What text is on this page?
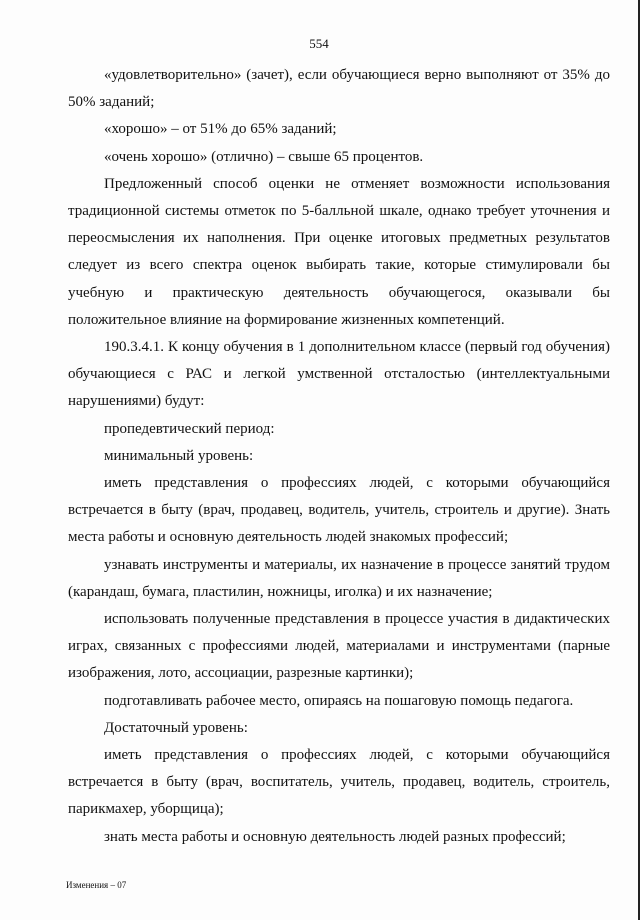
554

«удовлетворительно» (зачет), если обучающиеся верно выполняют от 35% до 50% заданий;

«хорошо» – от 51% до 65% заданий;

«очень хорошо» (отлично) – свыше 65 процентов.

Предложенный способ оценки не отменяет возможности использования традиционной системы отметок по 5-балльной шкале, однако требует уточнения и переосмысления их наполнения. При оценке итоговых предметных результатов следует из всего спектра оценок выбирать такие, которые стимулировали бы учебную и практическую деятельность обучающегося, оказывали бы положительное влияние на формирование жизненных компетенций.

190.3.4.1. К концу обучения в 1 дополнительном классе (первый год обучения) обучающиеся с РАС и легкой умственной отсталостью (интеллектуальными нарушениями) будут:

пропедевтический период:

минимальный уровень:

иметь представления о профессиях людей, с которыми обучающийся встречается в быту (врач, продавец, водитель, учитель, строитель и другие). Знать места работы и основную деятельность людей знакомых профессий;

узнавать инструменты и материалы, их назначение в процессе занятий трудом (карандаш, бумага, пластилин, ножницы, иголка) и их назначение;

использовать полученные представления в процессе участия в дидактических играх, связанных с профессиями людей, материалами и инструментами (парные изображения, лото, ассоциации, разрезные картинки);

подготавливать рабочее место, опираясь на пошаговую помощь педагога.

Достаточный уровень:

иметь представления о профессиях людей, с которыми обучающийся встречается в быту (врач, воспитатель, учитель, продавец, водитель, строитель, парикмахер, уборщица);

знать места работы и основную деятельность людей разных профессий;

Изменения – 07
